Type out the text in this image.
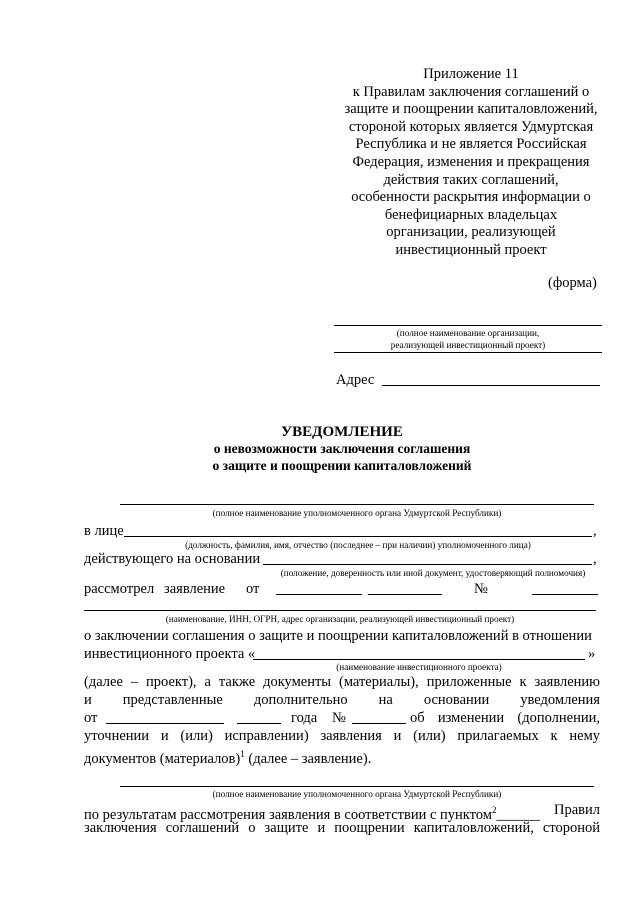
Приложение 11
к Правилам заключения соглашений о
защите и поощрении капиталовложений,
стороной которых является Удмуртская
Республика и не является Российская
Федерация, изменения и прекращения
действия таких соглашений,
особенности раскрытия информации о
бенефициарных владельцах
организации, реализующей
инвестиционный проект
(форма)
(полное наименование организации,
реализующей инвестиционный проект)
Адрес
УВЕДОМЛЕНИЕ
о невозможности заключения соглашения
о защите и поощрении капиталовложений
(полное наименование уполномоченного органа Удмуртской Республики)
в лице	,
(должность, фамилия, имя, отчество (последнее – при наличии) уполномоченного лица)
действующего на основании	,
(положение, доверенность или иной документ, удостоверяющий полномочия)
рассмотрел заявление от	№
(наименование, ИНН, ОГРН, адрес организации, реализующей инвестиционный проект)
о заключении соглашения о защите и поощрении капиталовложений в отношении
инвестиционного проекта «	»
(наименование инвестиционного проекта)
(далее – проект), а также документы (материалы), приложенные к заявлению
и представленные дополнительно на основании уведомления
от	года №	об изменении (дополнении,
уточнении и (или) исправлении) заявления и (или) прилагаемых к нему
документов (материалов)$^1$ (далее – заявление).
(полное наименование уполномоченного органа Удмуртской Республики)
по результатам рассмотрения заявления в соответствии с пунктом$^2$______ Правил
заключения соглашений о защите и поощрении капиталовложений, стороной
